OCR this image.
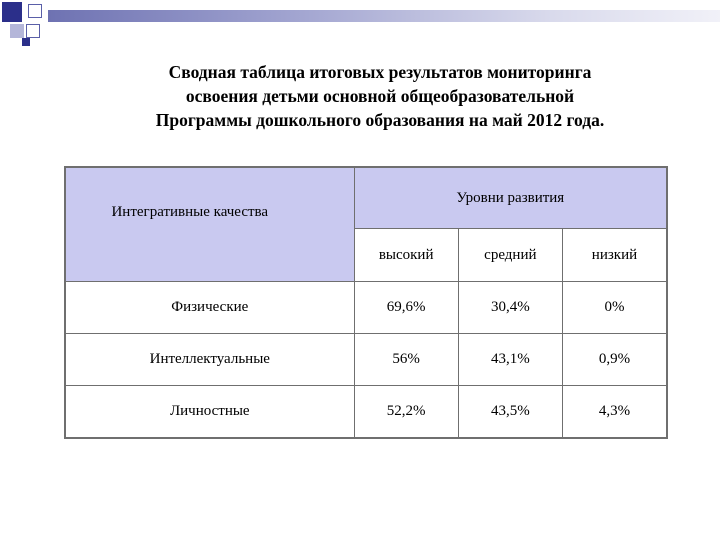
Сводная таблица итоговых результатов мониторинга
освоения детьми основной общеобразовательной
Программы дошкольного образования на май 2012 года.
Интегративные качества	Уровни развития		
	высокий	средний	низкий
Физические	69,6%	30,4%	0%
Интеллектуальные	56%	43,1%	0,9%
Личностные	52,2%	43,5%	4,3%
